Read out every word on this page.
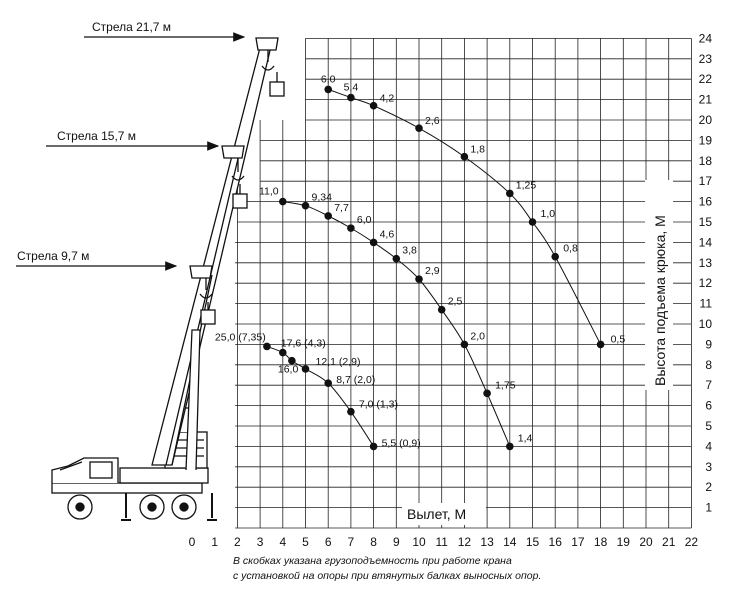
Стрела 21,7 м
Стрела 15,7 м
Стрела 9,7 м
0 1 2 3 4 5 6 7 8 9 10 11 12 13 14 15 16 17 18 19 20 21 22
1
2
3
4
5
6
7
8
9
10
11
12
13
14
15
16
17
18
19
20
21
22
23
24
Вылет, М
Высота подъема крюка, М
6,0
5,4
4,2
2,6
1,8
1,25
1,0
0,8
0,5
11,0
9,34
7,7
6,0
4,6
3,8
2,9
2,5
2,0
1,75
1,4
25,0 (7,35)
17,6 (4,3)
16,0
12,1 (2,9)
8,7 (2,0)
7,0 (1,3)
5,5 (0,9)
В скобках указана грузоподъемность при работе крана
с установкой на опоры при втянутых балках выносных опор.
